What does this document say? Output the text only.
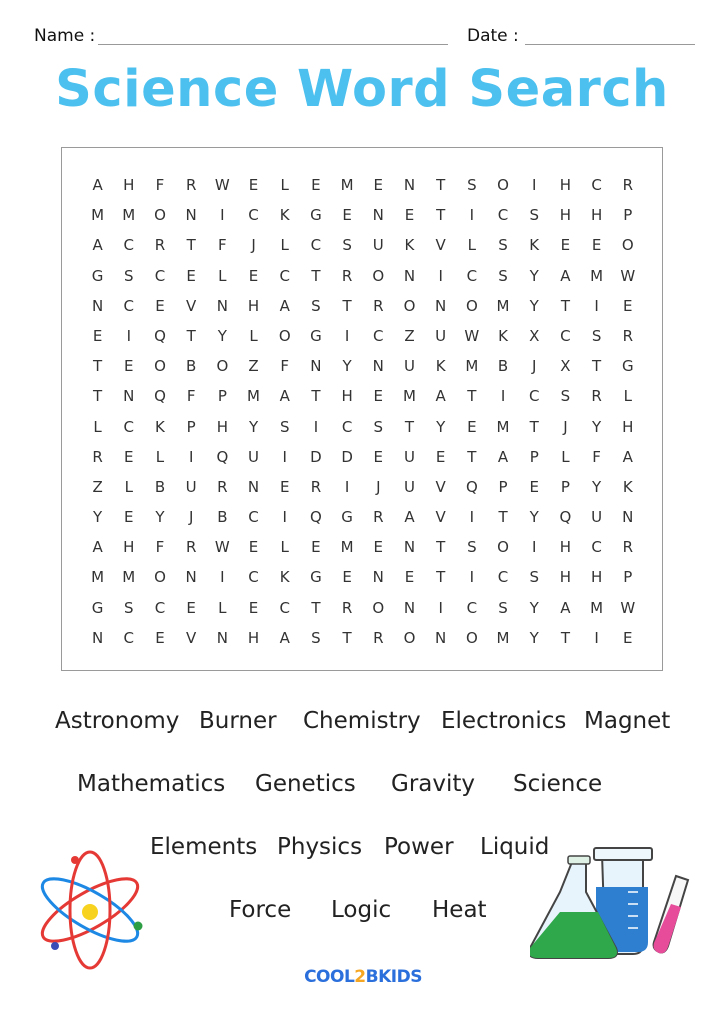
Name :	Date :
Science Word Search
A	H	F	R	W	E	L	E	M	E	N	T	S	O	I	H	C	R
M	M	O	N	I	C	K	G	E	N	E	T	I	C	S	H	H	P
A	C	R	T	F	J	L	C	S	U	K	V	L	S	K	E	E	O
G	S	C	E	L	E	C	T	R	O	N	I	C	S	Y	A	M	W
N	C	E	V	N	H	A	S	T	R	O	N	O	M	Y	T	I	E
E	I	Q	T	Y	L	O	G	I	C	Z	U	W	K	X	C	S	R
T	E	O	B	O	Z	F	N	Y	N	U	K	M	B	J	X	T	G
T	N	Q	F	P	M	A	T	H	E	M	A	T	I	C	S	R	L
L	C	K	P	H	Y	S	I	C	S	T	Y	E	M	T	J	Y	H
R	E	L	I	Q	U	I	D	D	E	U	E	T	A	P	L	F	A
Z	L	B	U	R	N	E	R	I	J	U	V	Q	P	E	P	Y	K
Y	E	Y	J	B	C	I	Q	G	R	A	V	I	T	Y	Q	U	N
A	H	F	R	W	E	L	E	M	E	N	T	S	O	I	H	C	R
M	M	O	N	I	C	K	G	E	N	E	T	I	C	S	H	H	P
G	S	C	E	L	E	C	T	R	O	N	I	C	S	Y	A	M	W
N	C	E	V	N	H	A	S	T	R	O	N	O	M	Y	T	I	E
Astronomy Burner Chemistry Electronics Magnet
Mathematics Genetics Gravity Science
Elements Physics Power Liquid
Force Logic Heat
COOL2BKIDS
